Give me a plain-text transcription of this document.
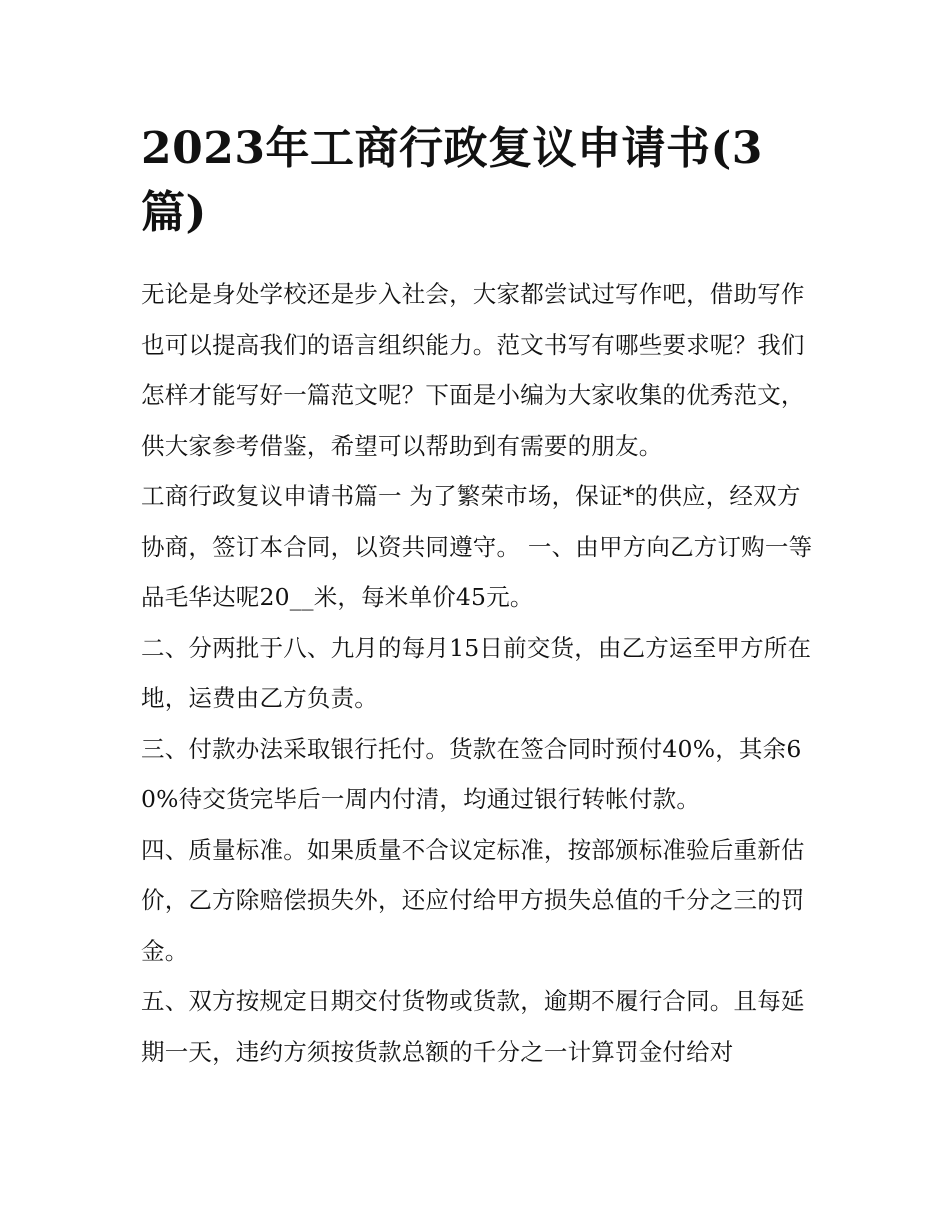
2023年工商行政复议申请书(3篇)

无论是身处学校还是步入社会，大家都尝试过写作吧，借助写作也可以提高我们的语言组织能力。范文书写有哪些要求呢？我们怎样才能写好一篇范文呢？下面是小编为大家收集的优秀范文，供大家参考借鉴，希望可以帮助到有需要的朋友。

工商行政复议申请书篇一 为了繁荣市场，保证*的供应，经双方协商，签订本合同，以资共同遵守。 一、由甲方向乙方订购一等品毛华达呢20__米，每米单价45元。

二、分两批于八、九月的每月15日前交货，由乙方运至甲方所在地，运费由乙方负责。

三、付款办法采取银行托付。货款在签合同时预付40%，其余60%待交货完毕后一周内付清，均通过银行转帐付款。

四、质量标准。如果质量不合议定标准，按部颁标准验后重新估价，乙方除赔偿损失外，还应付给甲方损失总值的千分之三的罚金。

五、双方按规定日期交付货物或货款，逾期不履行合同。且每延期一天，违约方须按货款总额的千分之一计算罚金付给对
